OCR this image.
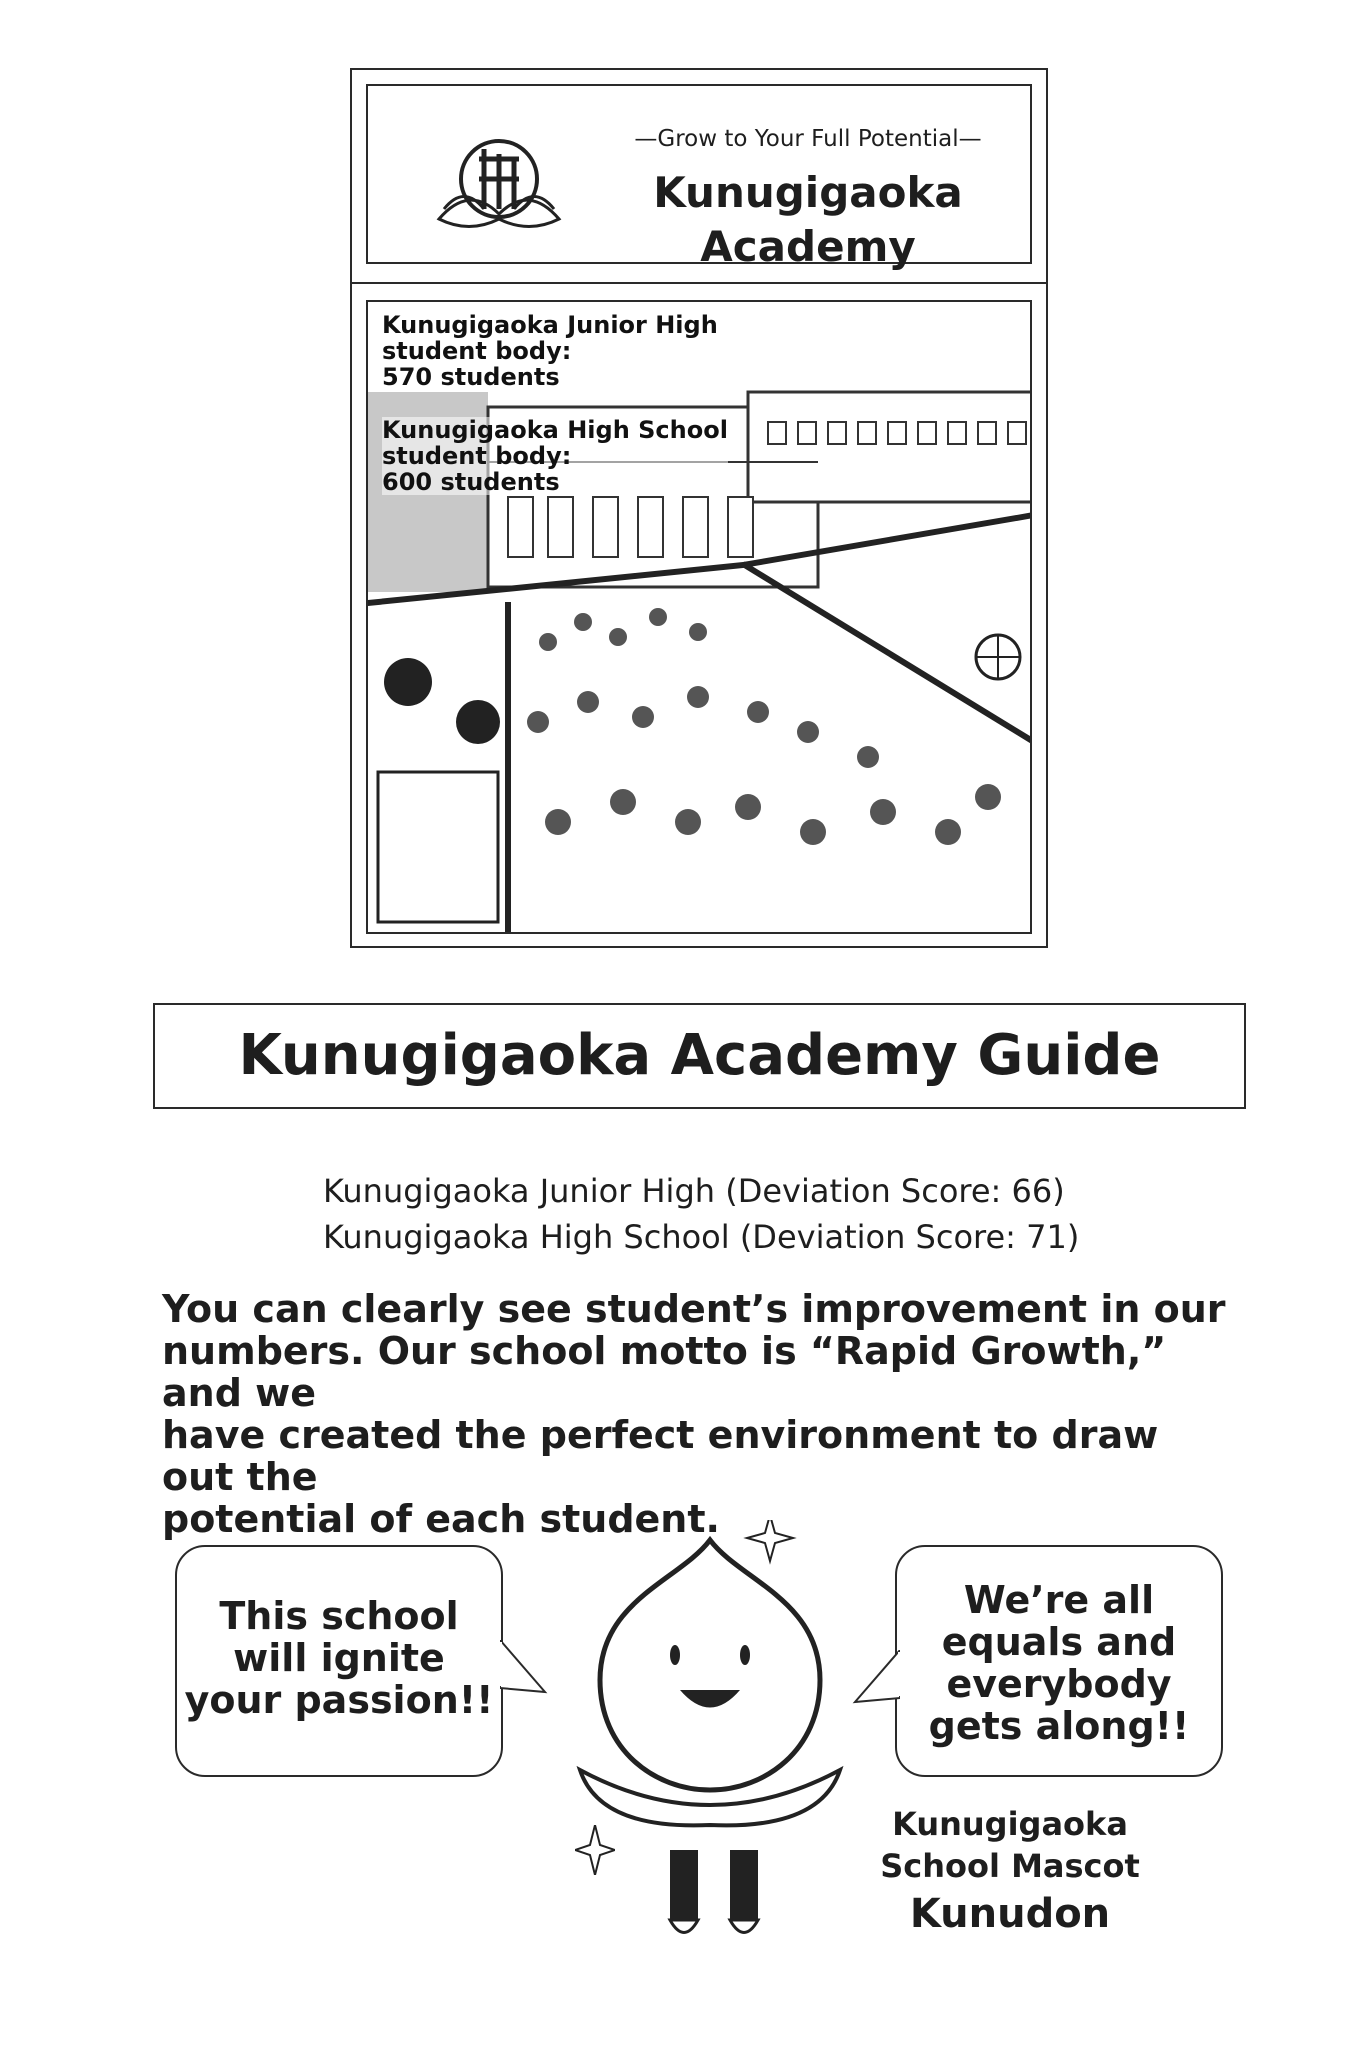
—Grow to Your Full Potential—
Kunugigaoka
Academy
Kunugigaoka Junior High
student body:
570 students
Kunugigaoka High School
student body:
600 students
Kunugigaoka Academy Guide
Kunugigaoka Junior High (Deviation Score: 66)
Kunugigaoka High School (Deviation Score: 71)
You can clearly see student’s improvement in our
numbers. Our school motto is “Rapid Growth,” and we
have created the perfect environment to draw out the
potential of each student.
This school
will ignite
your passion!!
We’re all
equals and
everybody
gets along!!
Kunugigaoka
School Mascot
Kunudon
